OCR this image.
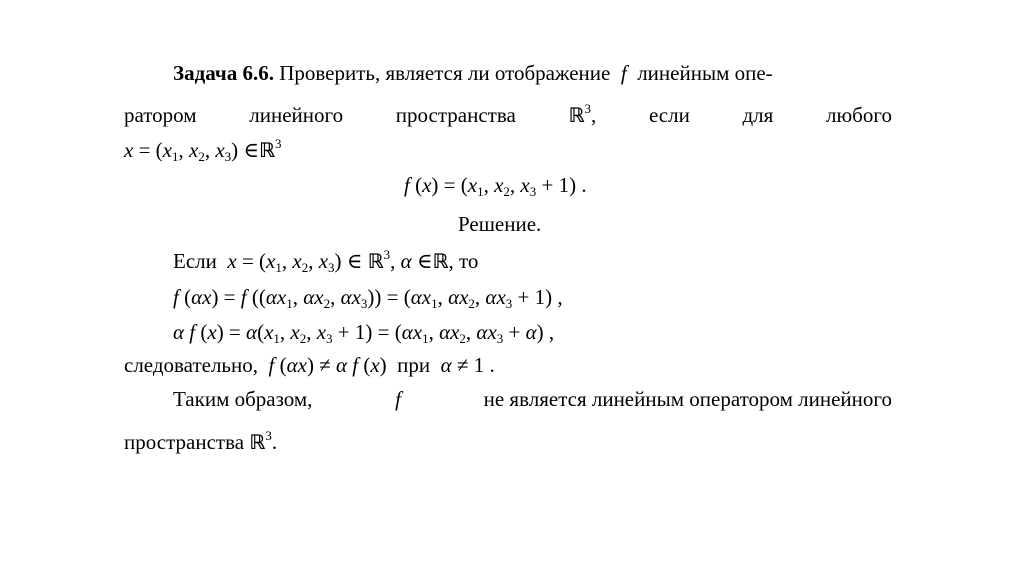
Задача 6.6. Проверить, является ли отображение  f  линейным опе-
ратором	линейного	пространства	ℝ$^3$,	если	для	любого
$x = (x_1$, $x_2$, $x_3$) ∈ℝ$^3$
f $(x) = (x_1$, $x_2$, $x_3 + 1$) .
Решение.
Если  $x = (x_1$, $x_2$, $x_3$) ∈ ℝ$^3$, α ∈ℝ, то
f (αx) = f (($\alpha x_1$, $\alpha x_2$, $\alpha x_3)) = (\alpha x_1$, $\alpha x_2$, $\alpha x_3 + 1$) ,
α f $(x) = \alpha(x_1$, $x_2$, $x_3 + 1) = (\alpha x_1$, $\alpha x_2$, $\alpha x_3 + \alpha$) ,
следовательно,  f (αx) ≠ α f (x) при  α ≠ 1 .
Таким образом,	f	не является линейным оператором линейного
пространства ℝ$^3$.
